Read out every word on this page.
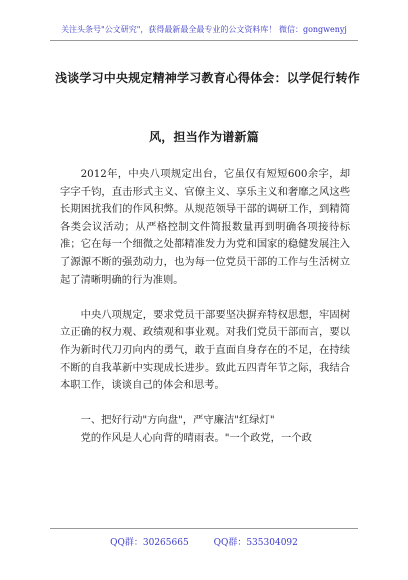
关注头条号"公文研究"，获得最新最全最专业的公文资料库！ 微信：gongwenyj
浅谈学习中央规定精神学习教育心得体会：以学促行转作
风，担当作为谱新篇

2012年，中央八项规定出台，它虽仅有短短600余字，却字字千钧，直击形式主义、官僚主义、享乐主义和奢靡之风这些长期困扰我们的作风积弊。从规范领导干部的调研工作，到精简各类会议活动；从严格控制文件简报数量再到明确各项接待标准；它在每一个细微之处都精准发力为党和国家的稳健发展注入了源源不断的强劲动力，也为每一位党员干部的工作与生活树立起了清晰明确的行为准则。

中央八项规定，要求党员干部要坚决摒弃特权思想，牢固树立正确的权力观、政绩观和事业观。对我们党员干部而言，要以作为新时代刀刃向内的勇气，敢于直面自身存在的不足，在持续不断的自我革新中实现成长进步。致此五四青年节之际，我结合本职工作，谈谈自己的体会和思考。

一、把好行动"方向盘"，严守廉洁"红绿灯"

党的作风是人心向背的晴雨表。"一个政党，一个政

QQ群：30265665	QQ群：535304092
